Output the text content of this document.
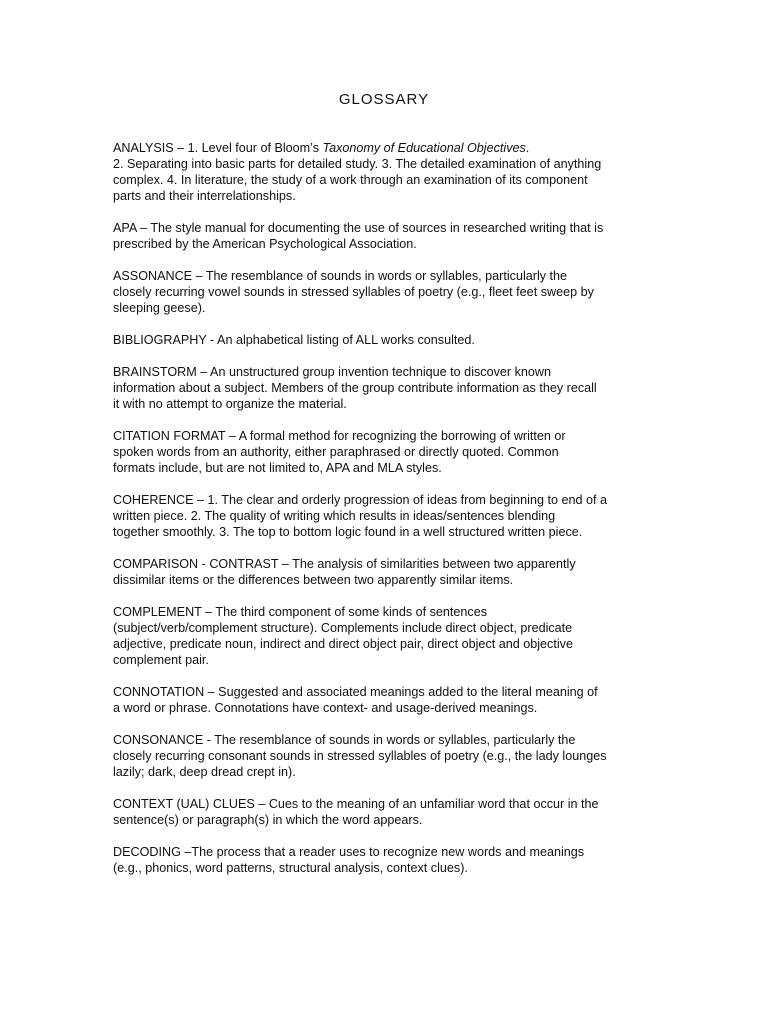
GLOSSARY
ANALYSIS – 1. Level four of Bloom’s Taxonomy of Educational Objectives.
2. Separating into basic parts for detailed study. 3. The detailed examination of anything
complex. 4. In literature, the study of a work through an examination of its component
parts and their interrelationships.
APA – The style manual for documenting the use of sources in researched writing that is
prescribed by the American Psychological Association.
ASSONANCE – The resemblance of sounds in words or syllables, particularly the
closely recurring vowel sounds in stressed syllables of poetry (e.g., fleet feet sweep by
sleeping geese).
BIBLIOGRAPHY - An alphabetical listing of ALL works consulted.
BRAINSTORM – An unstructured group invention technique to discover known
information about a subject. Members of the group contribute information as they recall
it with no attempt to organize the material.
CITATION FORMAT – A formal method for recognizing the borrowing of written or
spoken words from an authority, either paraphrased or directly quoted. Common
formats include, but are not limited to, APA and MLA styles.
COHERENCE – 1. The clear and orderly progression of ideas from beginning to end of a
written piece. 2. The quality of writing which results in ideas/sentences blending
together smoothly. 3. The top to bottom logic found in a well structured written piece.
COMPARISON - CONTRAST – The analysis of similarities between two apparently
dissimilar items or the differences between two apparently similar items.
COMPLEMENT – The third component of some kinds of sentences
(subject/verb/complement structure). Complements include direct object, predicate
adjective, predicate noun, indirect and direct object pair, direct object and objective
complement pair.
CONNOTATION – Suggested and associated meanings added to the literal meaning of
a word or phrase. Connotations have context- and usage-derived meanings.
CONSONANCE - The resemblance of sounds in words or syllables, particularly the
closely recurring consonant sounds in stressed syllables of poetry (e.g., the lady lounges
lazily; dark, deep dread crept in).
CONTEXT (UAL) CLUES – Cues to the meaning of an unfamiliar word that occur in the
sentence(s) or paragraph(s) in which the word appears.
DECODING –The process that a reader uses to recognize new words and meanings
(e.g., phonics, word patterns, structural analysis, context clues).
